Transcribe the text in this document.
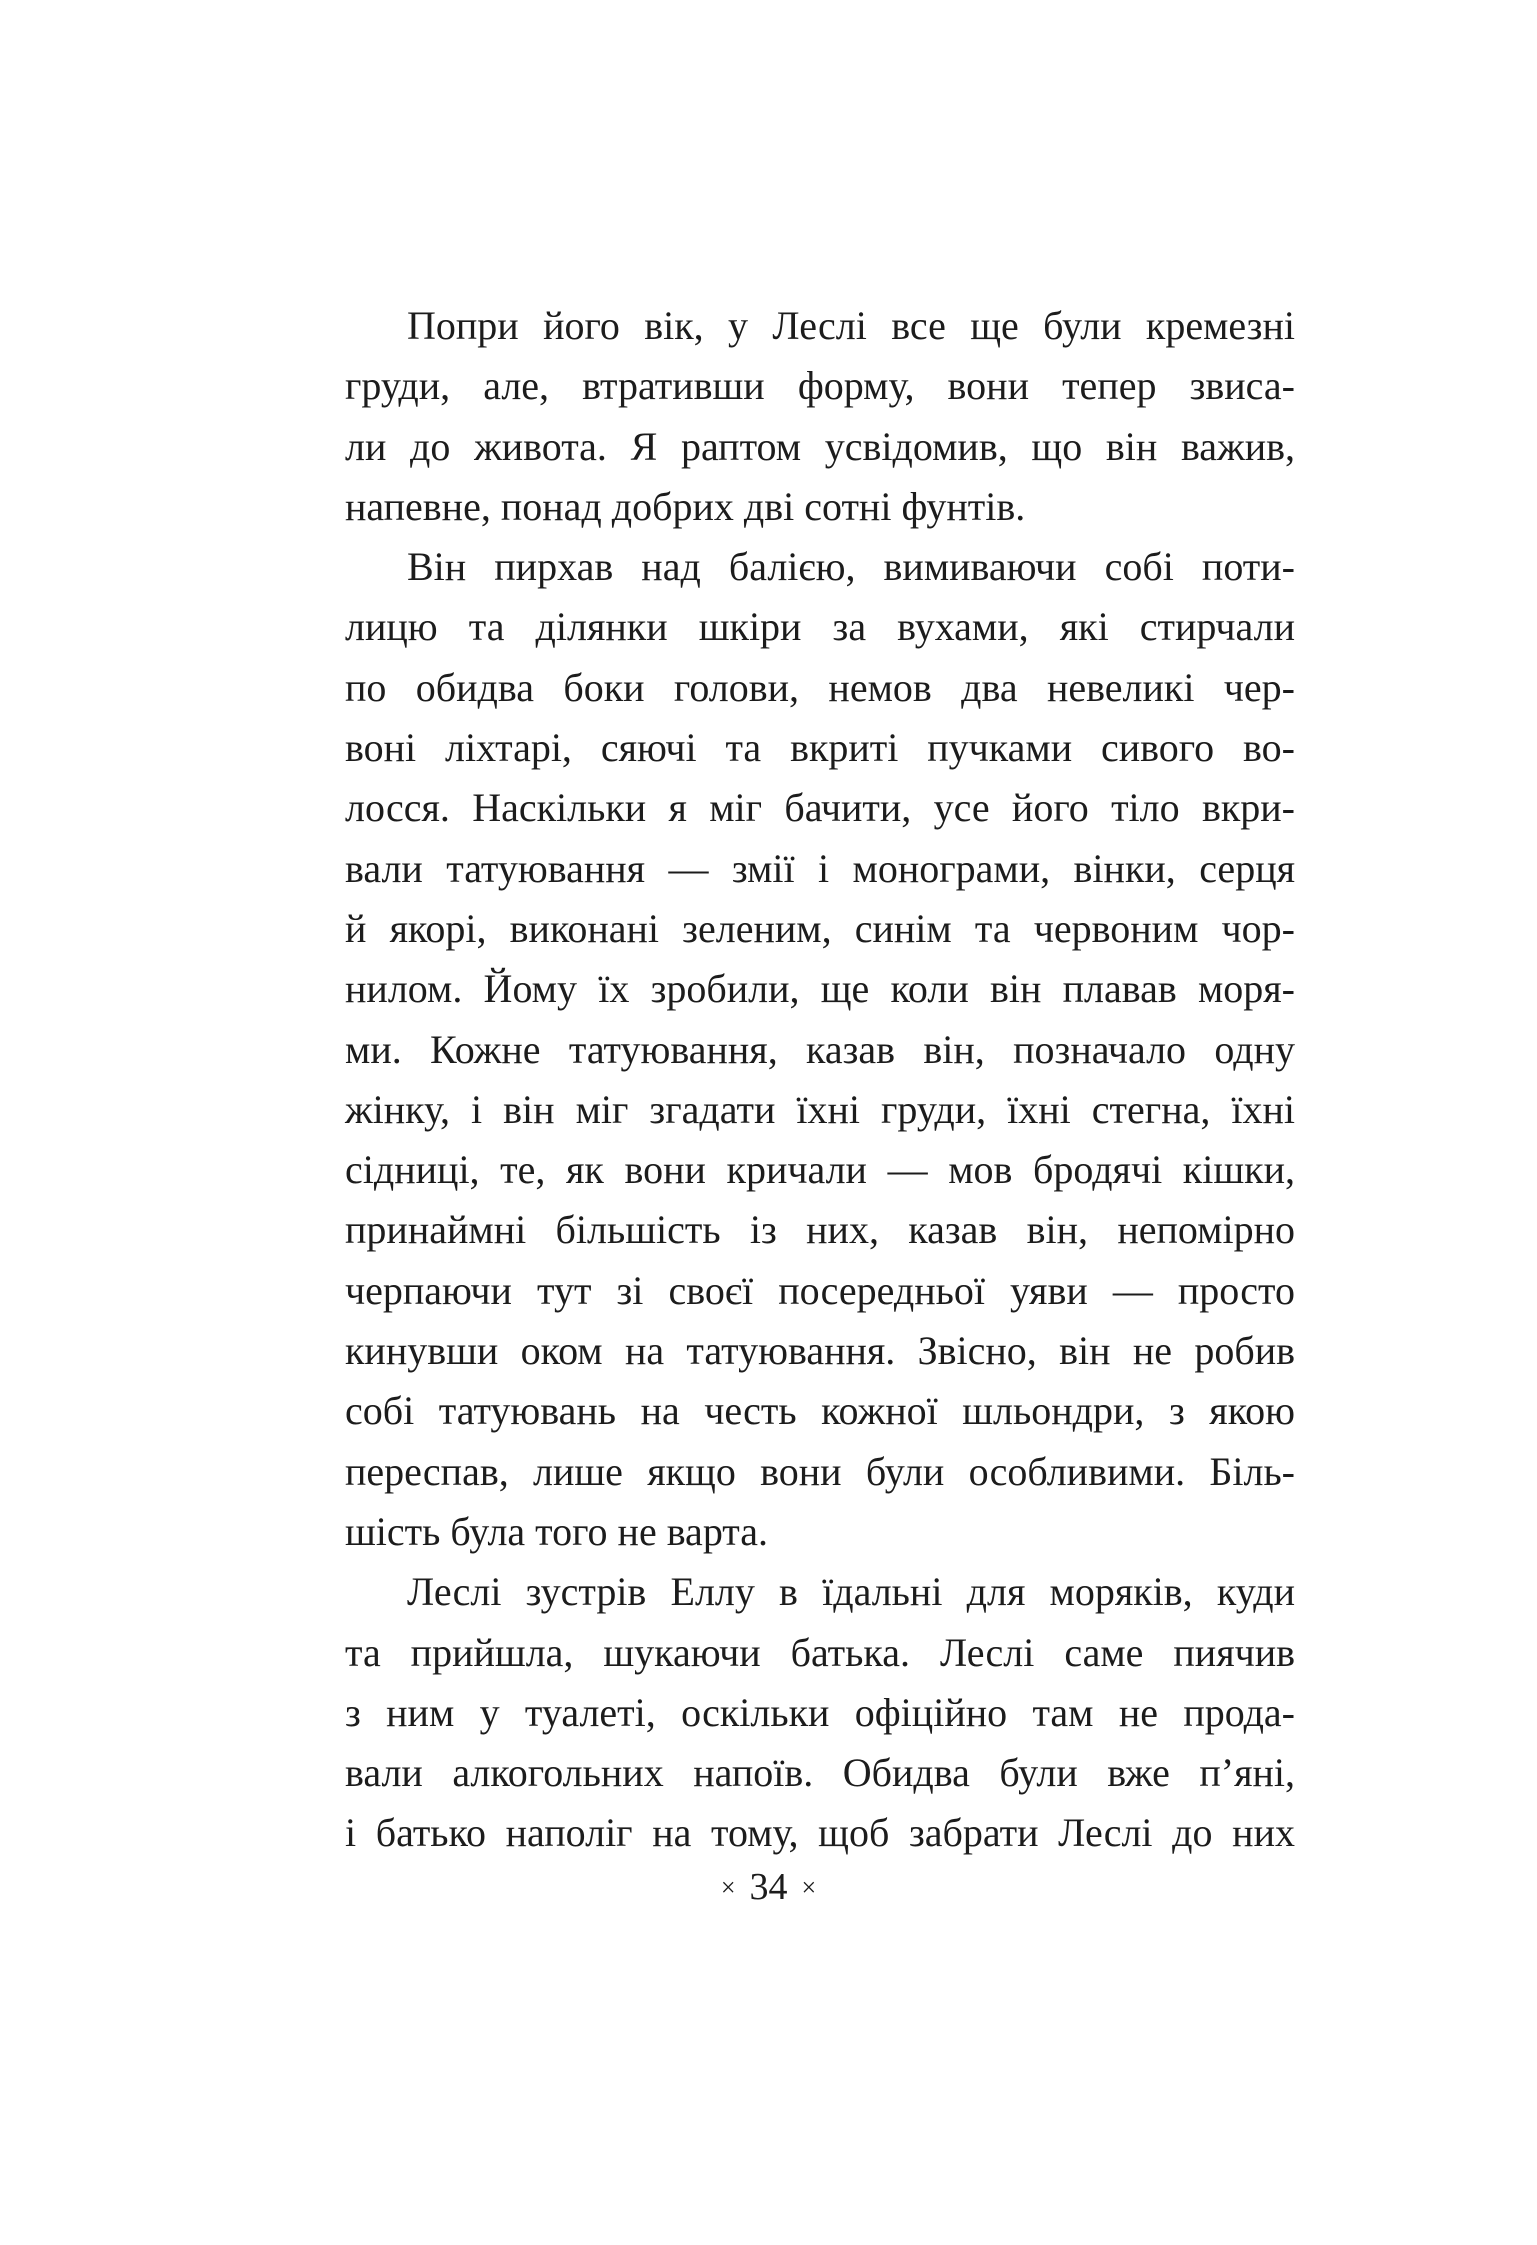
Попри його вік, у Леслі все ще були кремезні
груди, але, втративши форму, вони тепер звиса-
ли до живота. Я раптом усвідомив, що він важив,
напевне, понад добрих дві сотні фунтів.
Він пирхав над балією, вимиваючи собі поти-
лицю та ділянки шкіри за вухами, які стирчали
по обидва боки голови, немов два невеликі чер-
воні ліхтарі, сяючі та вкриті пучками сивого во-
лосся. Наскільки я міг бачити, усе його тіло вкри-
вали татуювання — змії і монограми, вінки, серця
й якорі, виконані зеленим, синім та червоним чор-
нилом. Йому їх зробили, ще коли він плавав моря-
ми. Кожне татуювання, казав він, позначало одну
жінку, і він міг згадати їхні груди, їхні стегна, їхні
сідниці, те, як вони кричали — мов бродячі кішки,
принаймні більшість із них, казав він, непомірно
черпаючи тут зі своєї посередньої уяви — просто
кинувши оком на татуювання. Звісно, він не робив
собі татуювань на честь кожної шльондри, з якою
переспав, лише якщо вони були особливими. Біль-
шість була того не варта.
Леслі зустрів Еллу в їдальні для моряків, куди
та прийшла, шукаючи батька. Леслі саме пиячив
з ним у туалеті, оскільки офіційно там не прода-
вали алкогольних напоїв. Обидва були вже п’яні,
і батько наполіг на тому, щоб забрати Леслі до них
× 34 ×
